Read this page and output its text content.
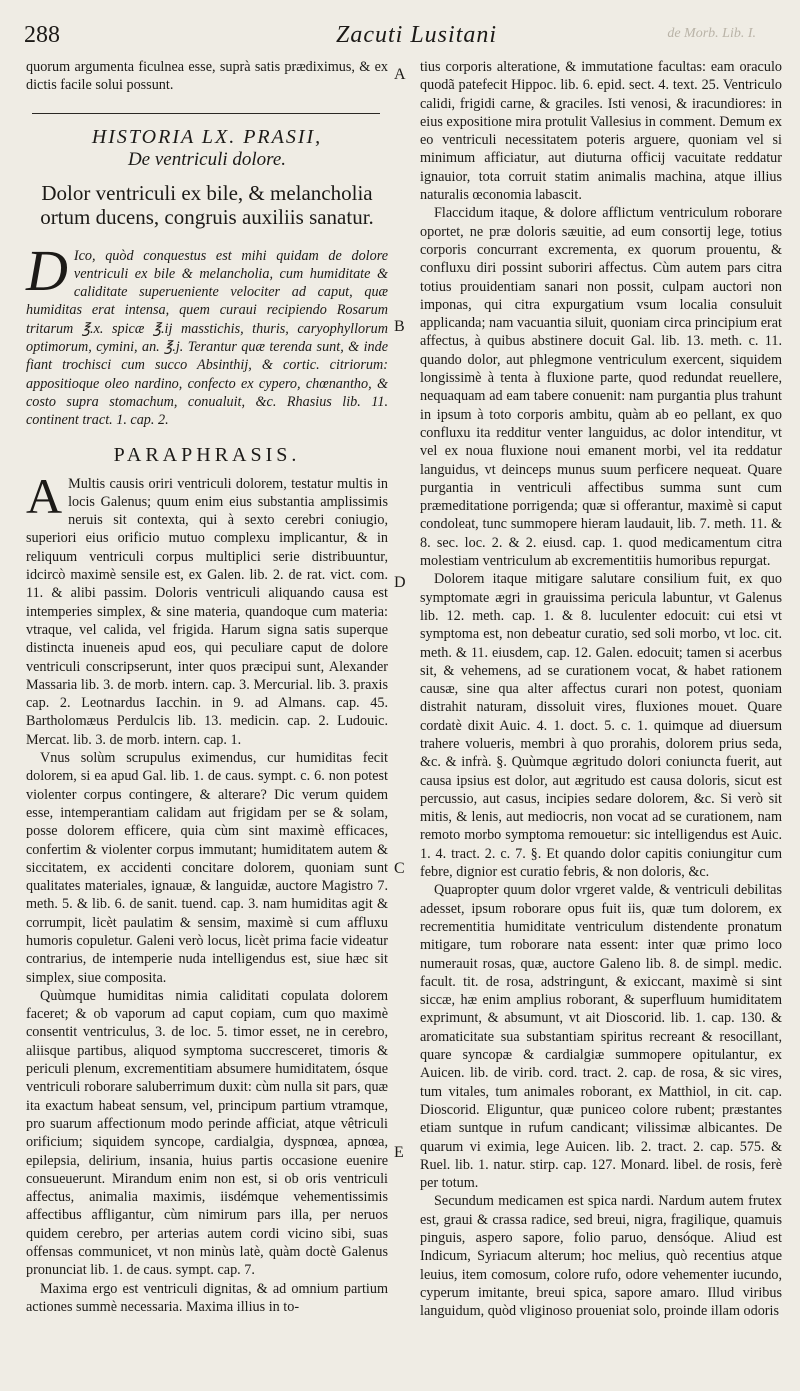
288	Zacuti Lusitani	de Morb. Lib. I.
A
B
C
D
E

quorum argumenta ficulnea esse, suprà satis prædiximus, & ex dictis facile solui possunt.

HISTORIA LX. PRASII,

De ventriculi dolore.

Dolor ventriculi ex bile, & melancholia ortum ducens, congruis auxiliis sanatur.

D Ico, quòd conquestus est mihi quidam de dolore ventriculi ex bile & melancholia, cum humiditate & caliditate superueniente velociter ad caput, quæ humiditas erat intensa, quem curaui recipiendo Rosarum tritarum ℥.x. spicæ ℥.ij masstichis, thuris, caryophyllorum optimorum, cymini, an. ℥.j. Terantur quæ terenda sunt, & inde fiant trochisci cum succo Absinthij, & cortic. citriorum: appositioque oleo nardino, confecto ex cypero, chœnantho, & costo supra stomachum, conualuit, &c. Rhasius lib. 11. continent tract. 1. cap. 2.

PARAPHRASIS.

A Multis causis oriri ventriculi dolorem, testatur multis in locis Galenus; quum enim eius substantia amplissimis neruis sit contexta, qui à sexto cerebri coniugio, superiori eius orificio mutuo complexu implicantur, & in reliquum ventriculi corpus multiplici serie distribuuntur, idcircò maximè sensile est, ex Galen. lib. 2. de rat. vict. com. 11. & alibi passim. Doloris ventriculi aliquando causa est intemperies simplex, & sine materia, quandoque cum materia: vtraque, vel calida, vel frigida. Harum signa satis superque distincta inueneis apud eos, qui peculiare caput de dolore ventriculi conscripserunt, inter quos præcipui sunt, Alexander Massaria lib. 3. de morb. intern. cap. 3. Mercurial. lib. 3. praxis cap. 2. Leotnardus Iacchin. in 9. ad Almans. cap. 45. Bartholomæus Perdulcis lib. 13. medicin. cap. 2. Ludouic. Mercat. lib. 3. de morb. intern. cap. 1.

Vnus solùm scrupulus eximendus, cur humiditas fecit dolorem, si ea apud Gal. lib. 1. de caus. sympt. c. 6. non potest violenter corpus contingere, & alterare? Dic verum quidem esse, intemperantiam calidam aut frigidam per se & solam, posse dolorem efficere, quia cùm sint maximè efficaces, confertim & violenter corpus immutant; humiditatem autem & siccitatem, ex accidenti concitare dolorem, quoniam sunt qualitates materiales, ignauæ, & languidæ, auctore Magistro 7. meth. 5. & lib. 6. de sanit. tuend. cap. 3. nam humiditas agit & corrumpit, licèt paulatim & sensim, maximè si cum affluxu humoris copuletur. Galeni verò locus, licèt prima facie videatur contrarius, de intemperie nuda intelligendus est, siue hæc sit simplex, siue composita.

Quùmque humiditas nimia caliditati copulata dolorem faceret; & ob vaporum ad caput copiam, cum quo maximè consentit ventriculus, 3. de loc. 5. timor esset, ne in cerebro, aliisque partibus, aliquod symptoma succresceret, timoris & periculi plenum, excrementitiam absumere humiditatem, ósque ventriculi roborare saluberrimum duxit: cùm nulla sit pars, quæ ita exactum habeat sensum, vel, principum partium vtramque, pro suarum affectionum modo perinde afficiat, atque vêtriculi orificium; siquidem syncope, cardialgia, dyspnœa, apnœa, epilepsia, delirium, insania, huius partis occasione euenire consueuerunt. Mirandum enim non est, si ob oris ventriculi affectus, animalia maximis, iisdémque vehementissimis affectibus affligantur, cùm nimirum pars illa, per neruos quidem cerebro, per arterias autem cordi vicino sibi, suas offensas communicet, vt non minùs latè, quàm doctè Galenus pronunciat lib. 1. de caus. sympt. cap. 7.

Maxima ergo est ventriculi dignitas, & ad omnium partium actiones summè necessaria. Maxima illius in to-

tius corporis alteratione, & immutatione facultas: eam oraculo quodã patefecit Hippoc. lib. 6. epid. sect. 4. text. 25. Ventriculo calidi, frigidi carne, & graciles. Isti venosi, & iracundiores: in eius expositione mira protulit Vallesius in comment. Demum ex eo ventriculi necessitatem poteris arguere, quoniam vel si minimum afficiatur, aut diuturna officij vacuitate reddatur ignauior, tota corruit statim animalis machina, atque illius naturalis œconomia labascit.

Flaccidum itaque, & dolore afflictum ventriculum roborare oportet, ne præ doloris sæuitie, ad eum consortij lege, totius corporis concurrant excrementa, ex quorum prouentu, & confluxu diri possint suboriri affectus. Cùm autem pars citra totius prouidentiam sanari non possit, culpam auctori non imponas, qui citra expurgatium vsum localia consuluit applicanda; nam vacuantia siluit, quoniam circa principium erat affectus, à quibus abstinere docuit Gal. lib. 13. meth. c. 11. quando dolor, aut phlegmone ventriculum exercent, siquidem longissimè à tenta à fluxione parte, quod redundat reuellere, nequaquam ad eam tabere conuenit: nam purgantia plus trahunt in ipsum à toto corporis ambitu, quàm ab eo pellant, ex quo confluxu ita redditur venter languidus, ac dolor intenditur, vt vel ex noua fluxione noui emanent morbi, vel ita reddatur languidus, vt deinceps munus suum perficere nequeat. Quare purgantia in ventriculi affectibus summa sunt cum præmeditatione porrigenda; quæ si offerantur, maximè si caput condoleat, tunc summopere hieram laudauit, lib. 7. meth. 11. & 8. sec. loc. 2. & 2. eiusd. cap. 1. quod medicamentum citra molestiam ventriculum ab excrementitiis humoribus repurgat.

Dolorem itaque mitigare salutare consilium fuit, ex quo symptomate ægri in grauissima pericula labuntur, vt Galenus lib. 12. meth. cap. 1. & 8. luculenter edocuit: cui etsi vt symptoma est, non debeatur curatio, sed soli morbo, vt loc. cit. meth. & 11. eiusdem, cap. 12. Galen. edocuit; tamen si acerbus sit, & vehemens, ad se curationem vocat, & habet rationem causæ, sine qua alter affectus curari non potest, quoniam distrahit naturam, dissoluit vires, fluxiones mouet. Quare cordatè dixit Auic. 4. 1. doct. 5. c. 1. quimque ad diuersum trahere volueris, membri à quo prorahis, dolorem prius seda, &c. & infrà. §. Quùmque ægritudo dolori coniuncta fuerit, aut causa ipsius est dolor, aut ægritudo est causa doloris, sicut est percussio, aut casus, incipies sedare dolorem, &c. Si verò sit mitis, & lenis, aut mediocris, non vocat ad se curationem, nam remoto morbo symptoma remouetur: sic intelligendus est Auic. 1. 4. tract. 2. c. 7. §. Et quando dolor capitis coniungitur cum febre, dignior est curatio febris, & non doloris, &c.

Quapropter quum dolor vrgeret valde, & ventriculi debilitas adesset, ipsum roborare opus fuit iis, quæ tum dolorem, ex recrementitia humiditate ventriculum distendente pronatum mitigare, tum roborare nata essent: inter quæ primo loco numerauit rosas, quæ, auctore Galeno lib. 8. de simpl. medic. facult. tit. de rosa, adstringunt, & exiccant, maximè si sint siccæ, hæ enim amplius roborant, & superfluum humiditatem exprimunt, & absumunt, vt ait Dioscorid. lib. 1. cap. 130. & aromaticitate sua substantiam spiritus recreant & resocillant, quare syncopæ & cardialgiæ summopere opitulantur, ex Auicen. lib. de virib. cord. tract. 2. cap. de rosa, & sic vires, tum vitales, tum animales roborant, ex Matthiol, in cit. cap. Dioscorid. Eliguntur, quæ puniceo colore rubent; præstantes etiam suntque in rufum candicant; vilissimæ albicantes. De quarum vi eximia, lege Auicen. lib. 2. tract. 2. cap. 575. & Ruel. lib. 1. natur. stirp. cap. 127. Monard. libel. de rosis, ferè per totum.

Secundum medicamen est spica nardi. Nardum autem frutex est, graui & crassa radice, sed breui, nigra, fragilique, quamuis pinguis, aspero sapore, folio paruo, densóque. Aliud est Indicum, Syriacum alterum; hoc melius, quò recentius atque leuius, item comosum, colore rufo, odore vehementer iucundo, cyperum imitante, breui spica, sapore amaro. Illud viribus languidum, quòd vliginoso proueniat solo, proinde illam odoris
